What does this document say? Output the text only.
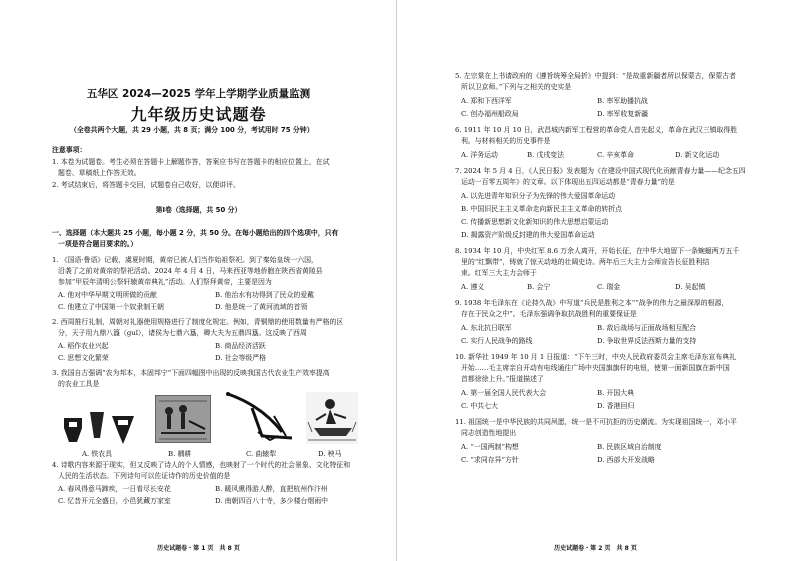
五华区 2024—2025 学年上学期学业质量监测
九年级历史试题卷
（全卷共两个大题，共 29 小题，共 8 页；满分 100 分，考试用时 75 分钟）
注意事项：
1. 本卷为试题卷。考生必须在答题卡上解题作答，答案应书写在答题卡的相应位置上，在试
题卷、草稿纸上作答无效。
2. 考试结束后，将答题卡交回，试题卷自己收好，以便讲评。
第Ⅰ卷（选择题，共 50 分）
一、选择题（本大题共 25 小题，每小题 2 分，共 50 分。在每小题给出的四个选项中，只有
一项是符合题目要求的。）
1. 《国语·鲁语》记载，虞夏时期，黄帝已被人们当作始祖祭祀。到了秦始皇统一六国，
沿袭了之前对黄帝的祭祀活动。2024 年 4 月 4 日，马来西亚等地侨胞在陕西省黄陵县
参加“甲辰年清明公祭轩辕黄帝典礼”活动。人们祭拜黄帝，主要是因为
A. 他对中华早期文明所做的贡献	B. 他治水有功得到了民众的爱戴
C. 他建立了中国第一个奴隶制王朝	D. 他是统一了黄河流域的首领
2. 西周推行礼制，周朝对礼器使用规格进行了制度化规定。例如，青铜鼎的使用数量有严格的区
分，天子用九鼎八簋（guǐ），诸侯为七鼎六簋，卿大夫为五鼎四簋。这反映了西周
A. 稻作农业兴起	B. 商品经济活跃
C. 思想文化繁荣	D. 社会等级严格
3. 我国自古强调“农为邦本，本固邦宁”下面四幅图中出现的反映我国古代农业生产效率提高
的农业工具是
A. 铁农具	B. 耦耕	C. 曲辕犁	D. 秧马
4. 诗歌内容来源于现实，但又反映了诗人的个人情感，也映射了一个时代的社会景象、文化特征和
人民的生活状态。下列诗句可以佐证诗作的历史价值的是
A. 春风得意马蹄疾，一日看尽长安花	B. 暖风熏得游人醉，直把杭州作汴州
C. 忆昔开元全盛日，小邑犹藏万家室	D. 南朝四百八十寺，多少楼台烟雨中
历史试题卷・第 1 页　共 8 页
5. 左宗棠在上书请政府的《遵旨统筹全局折》中提到：“是故重新疆者所以保蒙古，保蒙古者
所以卫京师。”下列与之相关的史实是
A. 郑和下西洋军	B. 率军助播抗战
C. 创办福州船政局	D. 率军收复新疆
6. 1911 年 10 月 10 日，武昌城内新军工程营的革命党人首先起义，革命在武汉三镇取得胜
利。与材料相关的历史事件是
A. 洋务运动	B. 戊戌变法	C. 辛亥革命	D. 新文化运动
7. 2024 年 5 月 4 日，《人民日报》发表题为《在建设中国式现代化贡献青春力量——纪念五四
运动一百零五周年》的文章。以下体现出五四运动都是“青春力量”的是
A. 以先进青年知识分子为先锋的伟大爱国革命运动
B. 中国旧民主主义革命走向新民主主义革命的转折点
C. 传播新思想新文化新知识的伟大思想启蒙运动
D. 揭露资产阶级反封建的伟大爱国革命运动
8. 1934 年 10 月，中央红军 8.6 万余人离开，开始长征，在中华大地留下一条蜿蜒两万五千
里的“红飘带”，铸就了惊天动地的壮阔史诗。两年后三大主力会师宣告长征胜利结
束。红军三大主力会师于
A. 遵义	B. 会宁	C. 瑞金	D. 吴起镇
9. 1938 年毛泽东在《论持久战》中写道“兵民是胜利之本”“战争的伟力之最深厚的根源，
存在于民众之中”。毛泽东强调争取抗战胜利的重要保证是
A. 东北抗日联军	B. 敌后战场与正面战场相互配合
C. 实行人民战争的路线	D. 争取世界反法西斯力量的支持
10. 新华社 1949 年 10 月 1 日报道：“下午三时，中央人民政府委员会主席毛泽东宣布典礼
开始……毛主席亲自开动有电线通往广场中央国旗旗杆的电钮，使第一面新国旗在新中国
首都徐徐上升。”报道描述了
A. 第一届全国人民代表大会	B. 开国大典
C. 中共七大	D. 香港回归
11. 祖国统一是中华民族的共同夙愿，统一是不可抗拒的历史潮流。为实现祖国统一，邓小平
同志创造性地提出
A. “一国两制”构想	B. 民族区域自治制度
C. “求同存异”方针	D. 西部大开发战略
历史试题卷・第 2 页　共 8 页
